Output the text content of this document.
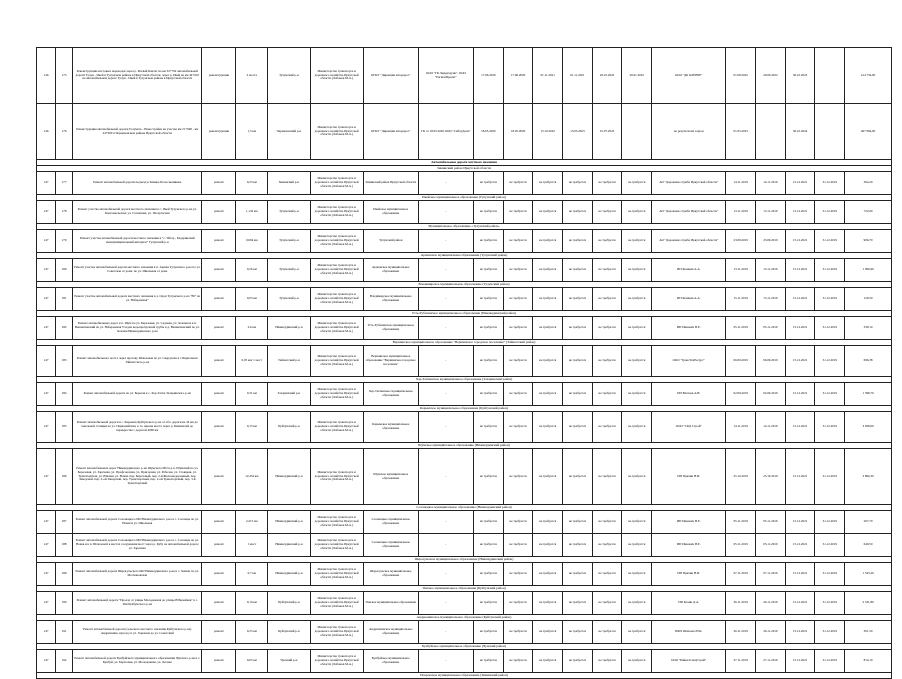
146	175	Реконструкция мостовых переходов через р. Малый Кантат на км 32+792 автомобильной дороги Тулун - Икей в Тулунском районе в Иркутской области, через р. Икей на км 44+910 на автомобильной дороге Тулун - Икей в Тулунском районе в Иркутской области	реконструкция	2 моста	Тулунский р-н	Министерство транспорта и дорожного хозяйства Иркутской области (Лобанов М.А.)	ОГКУ "Дирекция автодорог"	ООО "ГК Лидертрунк", ООО "РегионПроект"	17.06.2020	17.06.2020	01.11.2021	01.11.2021	20.01.2022	20.01.2022	ООО "ДК КЛЕВЕР"	01.08.2022	29.06.2022	30.10.2023		414 734,00
146	176	Реконструкция автомобильной дороги Голуметь - Новостройка на участке км 21+000 - км 24+000 в Черемховском районе Иркутской области	реконструкция	1,5 км	Черемховский р-н	Министерство транспорта и дорожного хозяйства Иркутской области (Лобанов М.А.)	ОГКУ "Дирекция автодорог"	ГК от 18.05.2020 ООО "СибтрДоич"	18.05.2020	18.05.2020	15.10.2022	15.03.2023	01.07.2023		по результатам торгов	01.05.2023		30.10.2024		467 084,00
Автомобильные дороги местного значения																				
Зиминский район Иркутской области																				
147	177	Ремонт автомобильной дороги подъезд к Зимнее Полосноникова	ремонт	0,23 км	Зиминский р-н	Министерство транспорта и дорожного хозяйства Иркутской области (Лобанов М.А.)	Зиминский район Иркутской области	-	не требуется	не требуется	не требуется	не требуется	не требуется	не требуется	АО "Дорожная служба Иркутской области"	14.11.2019	14.11.2019	15.12.2021	31.12.2019	364,20
Икейское муниципальное образование (Тулунский район)																				
147	178	Ремонт участка автомобильной дороги местного значения в с. Икей Тулунского р-на ул. Комсомольская, ул. Степанова, ул. Пасаргасная	ремонт	1,132 км	Тулунский р-н	Министерство транспорта и дорожного хозяйства Иркутской области (Лобанов М.А.)	Икейское муниципальное образование	-	не требуется	не требуется	не требуется	не требуется	не требуется	не требуется	АО "Дорожная служба Иркутской области"	13.11.2019	13.11.2019	15.12.2021	31.12.2019	722,00
Муниципальное образование «Тулунский район»																				
147	179	Ремонт участка автомобильной дороги местного значения в "с. Уйгар - Бадаринский межмуниципальный интернат" Тулунский р-н	ремонт	0,094 км	Тулунский р-н	Министерство транспорта и дорожного хозяйства Иркутской области (Лобанов М.А.)	Тулунский район	-	не требуется	не требуется	не требуется	не требуется	не требуется	не требуется	АО "Дорожная служба Иркутской области"	23.09.2019	23.09.2019	15.12.2021	31.12.2019	906,70
Аршанское муниципальное образование (Тулунский район)																				
147	180	Ремонт участка автомобильной дороги местного значения в п. Аршан Тулунского р-на по ул. Советская от дома, по ул. Школьная от дома	ремонт	0,26 км	Тулунский р-н	Министерство транспорта и дорожного хозяйства Иркутской области (Лобанов М.А.)	Аршанское муниципальное образование	-	не требуется	не требуется	не требуется	не требуется	не требуется	не требуется	ИП Кошкин А.А.	13.11.2019	13.11.2019	15.12.2021	31.12.2019	1 090,90
Владимирское муниципальное образование (Тулунский район)																				
147	181	Ремонт участка автомобильной дороги местного значения в д. Одон Тулунского р-на "Ю" по ул. Набережная"	ремонт	0,03 км	Тулунский р-н	Министерство транспорта и дорожного хозяйства Иркутской области (Лобанов М.А.)	Владимирское муниципальное образование	-	не требуется	не требуется	не требуется	не требуется	не требуется	не требуется	ИП Кошкин А.А.	15.11.2019	15.11.2019	15.12.2021	31.12.2019	120,50
Усть-Рубахинское муниципальное образование (Нижнеудинский район)																				
147	182	Ремонт автомобильных дорог в п. Шум по ул. Березовая, ул. Садовая, ул. Зеленая и в п. Вешнеповский по ул. Набережная Уэлдон водопропускной трубы в д. Вешнеповский по ул. Зеленая Нижнеудинского р-на	ремонт	2,6 км	Нижнеудинский р-н	Министерство транспорта и дорожного хозяйства Иркутской области (Лобанов М.А.)	Усть-Рубахинское муниципальное образование	-	не требуется	не требуется	не требуется	не требуется	не требуется	не требуется	ИП Пивович В.Е.	05.11.2019	05.11.2019	15.12.2021	31.12.2019	339,10
Вершинское муниципальное образование "Вершинское городское поселение" (Тайшетский район)																				
147	183	Ремонт автомобильного моста через протоку Шлюзовая по ул. Свердлова в г. Бирюсинск Тайшетского р-на	ремонт	0,05 км/ 1 мост	Тайшетский р-н	Министерство транспорта и дорожного хозяйства Иркутской области (Лобанов М.А.)	Вершинское муниципальное образование "Вершинское городское поселение"	-	не требуется	не требуется	не требуется	не требуется	не требуется	не требуется	ООО "ТрансТехРесурс"	06.09.2019	06.09.2019	15.12.2021	31.12.2019	696,38
Хор-Тагнинское муниципальное образование (Заларинский район)																				
147	184	Ремонт автомобильной дороги по ул. Березая в с. Хор-Тагна Заларинского р-на	ремонт	0,31 км	Заларинский р-н	Министерство транспорта и дорожного хозяйства Иркутской области (Лобанов М.А.)	Хор-Тагнинское муниципальное образование	-	не требуется	не требуется	не требуется	не требуется	не требуется	не требуется	ИП Вахтеев А.В.	02.09.2019	02.09.2019	15.12.2021	31.12.2019	1 398,70
Карымское муниципальное образование (Куйтунский район)																				
147	185	Ремонт автомобильной дороги в с. Карымск Куйтунского р-на от обл. дороги на 34 км до школьной станции по ул. Первомайская, в 1а, школы моста через р. Кимильтей до перекрестка с дорогой 4000 км	ремонт	0,15 км	Куйтунский р-н	Министерство транспорта и дорожного хозяйства Иркутской области (Лобанов М.А.)	Карымское муниципальное образование	-	не требуется	не требуется	не требуется	не требуется	не требуется	не требуется	ООО "СКД Строй"	14.11.2019	14.11.2019	15.12.2021	31.12.2019	3 928,00
Шумское муниципальное образование (Нижнеудинский район)																				
147	186	Ремонт автомобильных дорог Нижнеудинского р-на Шумского МО в р.п. Шумский по ул. Березовая, ул. Заречная, ул. Профсоюзная, ул. Пригорная, ул. Рабочая, ул. Стояцкая, ул. Транспортная, ул. Южная, ул. Новая, пер. Березовый, пер. 2-й Железнодорожный, пер. Заводской, пер. 2-ой Заводской, пер. Транспортный, пер. 2-ой Транспортный, пер. 3-й Транспортный	ремонт	12,454 км	Нижнеудинский р-н	Министерство транспорта и дорожного хозяйства Иркутской области (Лобанов М.А.)	Шумское муниципальное образование	-	не требуется	не требуется	не требуется	не требуется	не требуется	не требуется	ИП Пряхин Н.И.	25.10.2019	25.10.2019	15.12.2021	31.12.2019	3 866,30
Солонецкое муниципальное образование (Нижнеудинский район)																				
147	187	Ремонт автомобильной дороги Солонецкого МО Нижнеудинского р-на в с. Солонцы по ул. Новая и ул. Школьная	ремонт	2,215 км	Нижнеудинский р-н	Министерство транспорта и дорожного хозяйства Иркутской области (Лобанов М.А.)	Солонецкое муниципальное образование	-	не требуется	не требуется	не требуется	не требуется	не требуется	не требуется	ИП Пивович В.Е.	05.11.2019	05.11.2019	15.12.2021	31.12.2019	297,70
147	188	Ремонт автомобильной дороги Солонецкого МО Нижнеудинского р-на в с. Солонцы по ул. Новая и в п. Шлюзовой в местах сооружения мост через р. Кубу на автомобильной дороге ул. Заречная	ремонт	1 мост	Нижнеудинский р-н	Министерство транспорта и дорожного хозяйства Иркутской области (Лобанов М.А.)	Солонецкое муниципальное образование	-	не требуется	не требуется	не требуется	не требуется	не требуется	не требуется	ИП Пивович В.Е.	05.11.2019	05.11.2019	15.12.2021	31.12.2019	649,50
Шерагульское муниципальное образование (Нижнеудинский район)																				
147	189	Ремонт автомобильной дороги Шерагульского МО Нижнеудинского р-на в с. Замзен по ул. Молчановская	ремонт	0,7 км	Нижнеудинский р-н	Министерство транспорта и дорожного хозяйства Иркутской области (Лобанов М.А.)	Шерагульское муниципальное образование	-	не требуется	не требуется	не требуется	не требуется	не требуется	не требуется	ИП Пряхин Н.И.	07.11.2019	07.11.2019	15.12.2021	31.12.2019	1 543,20
Уянское муниципальное образование (Куйтунский район)																				
147	190	Ремонт автомобильной дороги "Проезд от улицы Молодежная до улицы Юбилейная" в с. Уян Куйтунского р-на	ремонт	0,16 км	Куйтунский р-н	Министерство транспорта и дорожного хозяйства Иркутской области (Лобанов М.А.)	Уянское муниципальное образование	-	не требуется	не требуется	не требуется	не требуется	не требуется	не требуется	ИП Кочин Д.А.	26.11.2019	26.11.2019	15.12.2021	31.12.2019	2 531,80
Андрюшинское муниципальное образование (Куйтунский район)																				
147	191	Ремонт автомобильной дороги (сельского местного значения Куйтунского р-на) Андрюшина, проезд от ул. Заречная до ул. Советский	ремонт	0,25 км	Куйтунский р-н	Министерство транспорта и дорожного хозяйства Иркутской области (Лобанов М.А.)	Андрюшинское муниципальное образование	-	не требуется	не требуется	не требуется	не требуется	не требуется	не требуется	ИФХ Шаповал Н.К.	26.11.2019	26.11.2019	15.12.2021	31.12.2019	301,50
Бунбуйское муниципальное образование (Чунский район)																				
147	192	Ремонт автомобильной дороги Бунбуйского муниципального образования Чунского р-на в с. Бунбуй, ул. Берзговая, ул. Молодежная, ул. Лесная	ремонт	0,65 км	Чунский р-н	Министерство транспорта и дорожного хозяйства Иркутской области (Лобанов М.А.)	Бунбуйское муниципальное образование	-	не требуется	не требуется	не требуется	не требуется	не требуется	не требуется	ООО "БайкалСпецСтрой"	27.11.2019	27.11.2019	15.12.2021	31.12.2019	814,10
Покровское муниципальное образование (Зиминский район)																				
